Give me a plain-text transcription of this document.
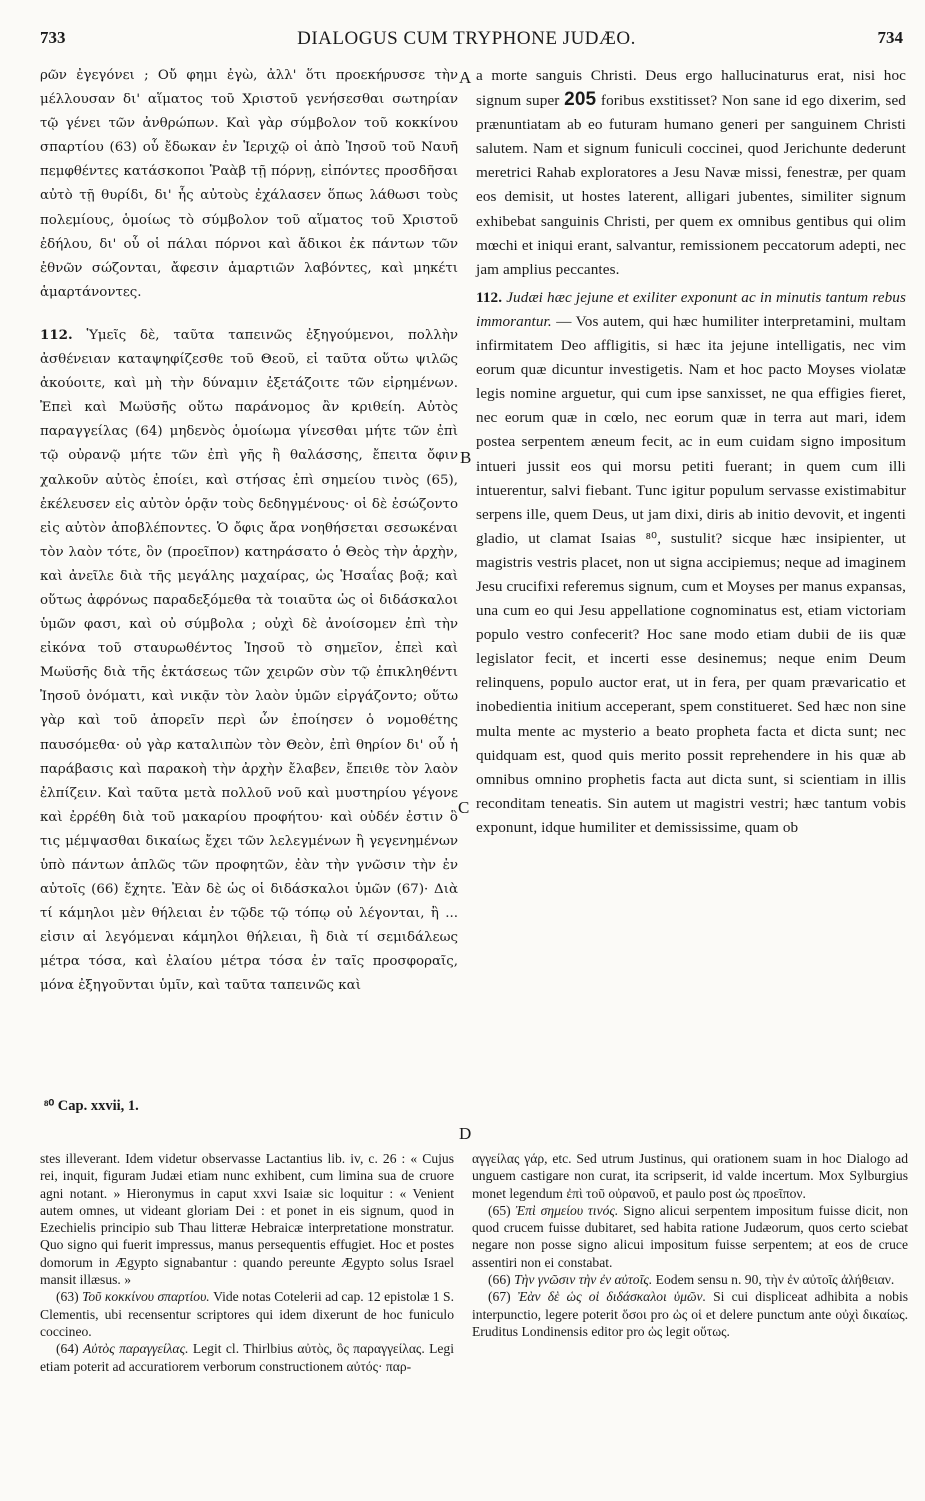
733	DIALOGUS CUM TRYPHONE JUDÆO.	734

ρῶν ἐγεγόνει ; Οὔ φημι ἐγὼ, ἀλλ' ὅτι προεκήρυσσε τὴν μέλλουσαν δι' αἵματος τοῦ Χριστοῦ γενήσεσθαι σωτηρίαν τῷ γένει τῶν ἀνθρώπων. Καὶ γὰρ σύμβολον τοῦ κοκκίνου σπαρτίου (63) οὗ ἔδωκαν ἐν Ἱεριχῷ οἱ ἀπὸ Ἰησοῦ τοῦ Ναυῆ πεμφθέντες κατάσκοποι Ῥαὰβ τῇ πόρνῃ, εἰπόντες προσδῆσαι αὐτὸ τῇ θυρίδι, δι' ἧς αὐτοὺς ἐχάλασεν ὅπως λάθωσι τοὺς πολεμίους, ὁμοίως τὸ σύμβολον τοῦ αἵματος τοῦ Χριστοῦ ἐδήλου, δι' οὗ οἱ πάλαι πόρνοι καὶ ἄδικοι ἐκ πάντων τῶν ἐθνῶν σώζονται, ἄφεσιν ἁμαρτιῶν λαβόντες, καὶ μηκέτι ἁμαρτάνοντες.

112. Ὑμεῖς δὲ, ταῦτα ταπεινῶς ἐξηγούμενοι, πολλὴν ἀσθένειαν καταψηφίζεσθε τοῦ Θεοῦ, εἰ ταῦτα οὕτω ψιλῶς ἀκούοιτε, καὶ μὴ τὴν δύναμιν ἐξετάζοιτε τῶν εἰρημένων. Ἐπεὶ καὶ Μωϋσῆς οὕτω παράνομος ἂν κριθείη. Αὐτὸς παραγγείλας (64) μηδενὸς ὁμοίωμα γίνεσθαι μήτε τῶν ἐπὶ τῷ οὐρανῷ μήτε τῶν ἐπὶ γῆς ἢ θαλάσσης, ἔπειτα ὄφιν χαλκοῦν αὐτὸς ἐποίει, καὶ στήσας ἐπὶ σημείου τινὸς (65), ἐκέλευσεν εἰς αὐτὸν ὁρᾷν τοὺς δεδηγμένους· οἱ δὲ ἐσώζοντο εἰς αὐτὸν ἀποβλέποντες. Ὁ ὄφις ἄρα νοηθήσεται σεσωκέναι τὸν λαὸν τότε, ὃν (προεῖπον) κατηράσατο ὁ Θεὸς τὴν ἀρχὴν, καὶ ἀνεῖλε διὰ τῆς μεγάλης μαχαίρας, ὡς Ἡσαΐας βοᾷ; καὶ οὕτως ἀφρόνως παραδεξόμεθα τὰ τοιαῦτα ὡς οἱ διδάσκαλοι ὑμῶν φασι, καὶ οὐ σύμβολα ; οὐχὶ δὲ ἀνοίσομεν ἐπὶ τὴν εἰκόνα τοῦ σταυρωθέντος Ἰησοῦ τὸ σημεῖον, ἐπεὶ καὶ Μωϋσῆς διὰ τῆς ἐκτάσεως τῶν χειρῶν σὺν τῷ ἐπικληθέντι Ἰησοῦ ὀνόματι, καὶ νικᾷν τὸν λαὸν ὑμῶν εἰργάζοντο; οὕτω γὰρ καὶ τοῦ ἀπορεῖν περὶ ὧν ἐποίησεν ὁ νομοθέτης παυσόμεθα· οὐ γὰρ καταλιπὼν τὸν Θεὸν, ἐπὶ θηρίον δι' οὗ ἡ παράβασις καὶ παρακοὴ τὴν ἀρχὴν ἔλαβεν, ἔπειθε τὸν λαὸν ἐλπίζειν. Καὶ ταῦτα μετὰ πολλοῦ νοῦ καὶ μυστηρίου γέγονε καὶ ἐρρέθη διὰ τοῦ μακαρίου προφήτου· καὶ οὐδέν ἐστιν ὃ τις μέμψασθαι δικαίως ἔχει τῶν λελεγμένων ἢ γεγενημένων ὑπὸ πάντων ἁπλῶς τῶν προφητῶν, ἐὰν τὴν γνῶσιν τὴν ἐν αὐτοῖς (66) ἔχητε. Ἐὰν δὲ ὡς οἱ διδάσκαλοι ὑμῶν (67)· Διὰ τί κάμηλοι μὲν θήλειαι ἐν τῷδε τῷ τόπῳ οὐ λέγονται, ἢ ... εἰσιν αἱ λεγόμεναι κάμηλοι θήλειαι, ἢ διὰ τί σεμιδάλεως μέτρα τόσα, καὶ ἐλαίου μέτρα τόσα ἐν ταῖς προσφοραῖς, μόνα ἐξηγοῦνται ὑμῖν, καὶ ταῦτα ταπεινῶς καὶ

A
B
C
D

a morte sanguis Christi. Deus ergo hallucinaturus erat, nisi hoc signum super 205 foribus exstitisset? Non sane id ego dixerim, sed prænuntiatam ab eo futuram humano generi per sanguinem Christi salutem. Nam et signum funiculi coccinei, quod Jerichunte dederunt meretrici Rahab exploratores a Jesu Navæ missi, fenestræ, per quam eos demisit, ut hostes laterent, alligari jubentes, similiter signum exhibebat sanguinis Christi, per quem ex omnibus gentibus qui olim mœchi et iniqui erant, salvantur, remissionem peccatorum adepti, nec jam amplius peccantes.

112. Judæi hæc jejune et exiliter exponunt ac in minutis tantum rebus immorantur. — Vos autem, qui hæc humiliter interpretamini, multam infirmitatem Deo affligitis, si hæc ita jejune intelligatis, nec vim eorum quæ dicuntur investigetis. Nam et hoc pacto Moyses violatæ legis nomine arguetur, qui cum ipse sanxisset, ne qua effigies fieret, nec eorum quæ in cœlo, nec eorum quæ in terra aut mari, idem postea serpentem æneum fecit, ac in eum cuidam signo impositum intueri jussit eos qui morsu petiti fuerant; in quem cum illi intuerentur, salvi fiebant. Tunc igitur populum servasse existimabitur serpens ille, quem Deus, ut jam dixi, diris ab initio devovit, et ingenti gladio, ut clamat Isaias ⁸⁰, sustulit? sicque hæc insipienter, ut magistris vestris placet, non ut signa accipiemus; neque ad imaginem Jesu crucifixi referemus signum, cum et Moyses per manus expansas, una cum eo qui Jesu appellatione cognominatus est, etiam victoriam populo vestro confecerit? Hoc sane modo etiam dubii de iis quæ legislator fecit, et incerti esse desinemus; neque enim Deum relinquens, populo auctor erat, ut in fera, per quam prævaricatio et inobedientia initium acceperant, spem constitueret. Sed hæc non sine multa mente ac mysterio a beato propheta facta et dicta sunt; nec quidquam est, quod quis merito possit reprehendere in his quæ ab omnibus omnino prophetis facta aut dicta sunt, si scientiam in illis reconditam teneatis. Sin autem ut magistri vestri; hæc tantum vobis exponunt, idque humiliter et demississime, quam ob

⁸⁰ Cap. xxvii, 1.

stes illeverant. Idem videtur observasse Lactantius lib. iv, c. 26 : « Cujus rei, inquit, figuram Judæi etiam nunc exhibent, cum limina sua de cruore agni notant. » Hieronymus in caput xxvi Isaiæ sic loquitur : « Venient autem omnes, ut videant gloriam Dei : et ponet in eis signum, quod in Ezechielis principio sub Thau litteræ Hebraicæ interpretatione monstratur. Quo signo qui fuerit impressus, manus persequentis effugiet. Hoc et postes domorum in Ægypto signabantur : quando pereunte Ægypto solus Israel mansit illæsus. »

(63) Τοῦ κοκκίνου σπαρτίου. Vide notas Cotelerii ad cap. 12 epistolæ 1 S. Clementis, ubi recensentur scriptores qui idem dixerunt de hoc funiculo coccineo.

(64) Αὐτὸς παραγγείλας. Legit cl. Thirlbius αὐτὸς, ὃς παραγγείλας. Legi etiam poterit ad accuratiorem verborum constructionem αὐτός· παρ-

αγγείλας γάρ, etc. Sed utrum Justinus, qui orationem suam in hoc Dialogo ad unguem castigare non curat, ita scripserit, id valde incertum. Mox Sylburgius monet legendum ἐπὶ τοῦ οὐρανοῦ, et paulo post ὡς προεῖπον.

(65) Ἐπὶ σημείου τινός. Signo alicui serpentem impositum fuisse dicit, non quod crucem fuisse dubitaret, sed habita ratione Judæorum, quos certo sciebat negare non posse signo alicui impositum fuisse serpentem; at eos de cruce assentiri non ei constabat.

(66) Τὴν γνῶσιν τὴν ἐν αὐτοῖς. Eodem sensu n. 90, τὴν ἐν αὐτοῖς ἀλήθειαν.

(67) Ἐὰν δὲ ὡς οἱ διδάσκαλοι ὑμῶν. Si cui displiceat adhibita a nobis interpunctio, legere poterit ὅσοι pro ὡς οἱ et delere punctum ante οὐχὶ δικαίως. Eruditus Londinensis editor pro ὡς legit οὕτως.
